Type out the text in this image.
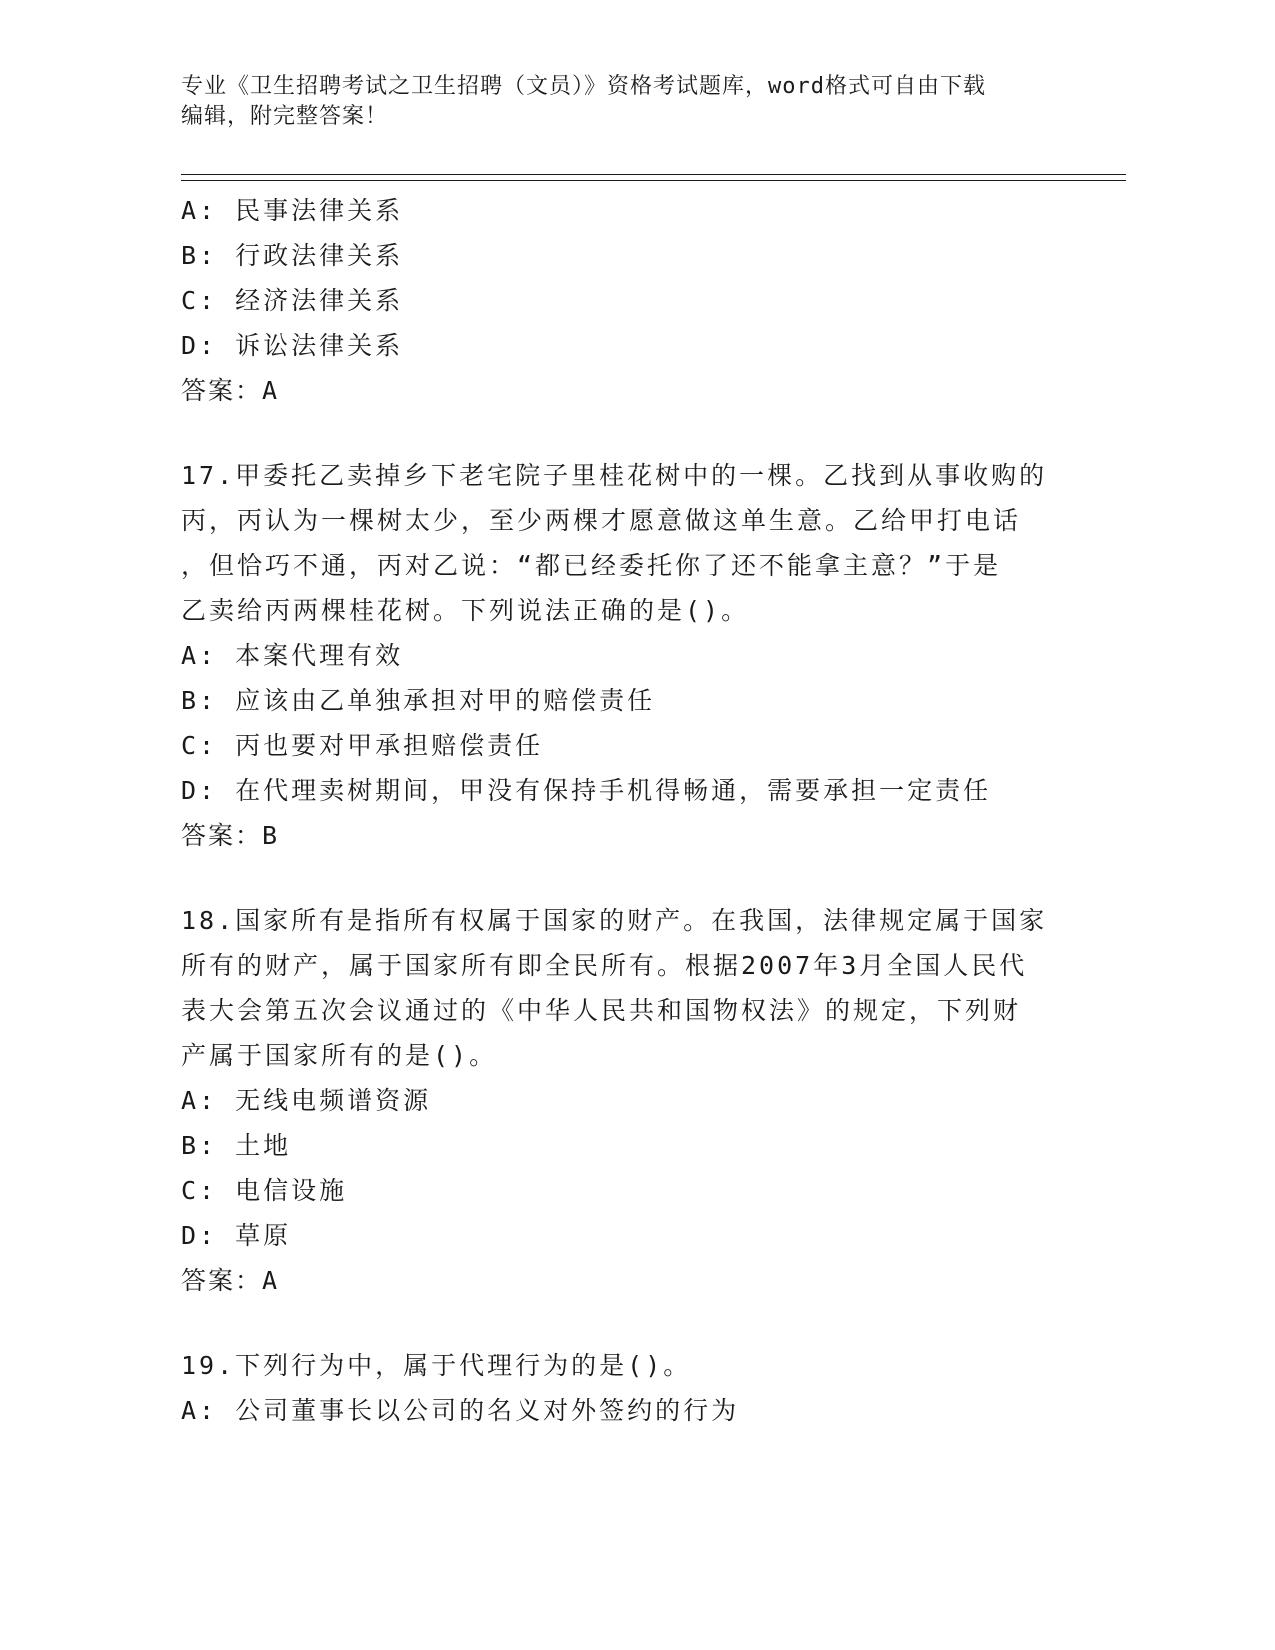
专业《卫生招聘考试之卫生招聘（文员）》资格考试题库，word格式可自由下载
编辑，附完整答案！
A: 民事法律关系
B: 行政法律关系
C: 经济法律关系
D: 诉讼法律关系
答案：A
17.甲委托乙卖掉乡下老宅院子里桂花树中的一棵。乙找到从事收购的
丙，丙认为一棵树太少，至少两棵才愿意做这单生意。乙给甲打电话
，但恰巧不通，丙对乙说：“都已经委托你了还不能拿主意？”于是
乙卖给丙两棵桂花树。下列说法正确的是()。
A: 本案代理有效
B: 应该由乙单独承担对甲的赔偿责任
C: 丙也要对甲承担赔偿责任
D: 在代理卖树期间，甲没有保持手机得畅通，需要承担一定责任
答案：B
18.国家所有是指所有权属于国家的财产。在我国，法律规定属于国家
所有的财产，属于国家所有即全民所有。根据2007年3月全国人民代
表大会第五次会议通过的《中华人民共和国物权法》的规定，下列财
产属于国家所有的是()。
A: 无线电频谱资源
B: 土地
C: 电信设施
D: 草原
答案：A
19.下列行为中，属于代理行为的是()。
A: 公司董事长以公司的名义对外签约的行为
